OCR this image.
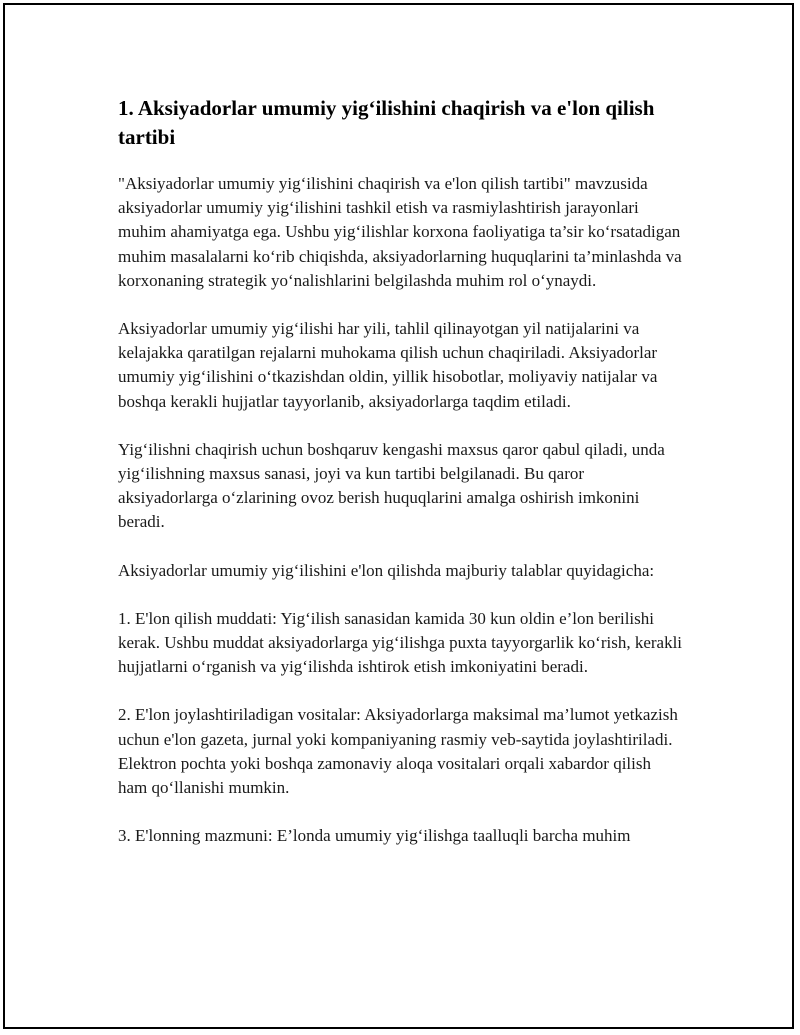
1. Aksiyadorlar umumiy yig‘ilishini chaqirish va e'lon qilish tartibi

"Aksiyadorlar umumiy yig‘ilishini chaqirish va e'lon qilish tartibi" mavzusida aksiyadorlar umumiy yig‘ilishini tashkil etish va rasmiylashtirish jarayonlari muhim ahamiyatga ega. Ushbu yig‘ilishlar korxona faoliyatiga ta’sir ko‘rsatadigan muhim masalalarni ko‘rib chiqishda, aksiyadorlarning huquqlarini ta’minlashda va korxonaning strategik yo‘nalishlarini belgilashda muhim rol o‘ynaydi.

Aksiyadorlar umumiy yig‘ilishi har yili, tahlil qilinayotgan yil natijalarini va kelajakka qaratilgan rejalarni muhokama qilish uchun chaqiriladi. Aksiyadorlar umumiy yig‘ilishini o‘tkazishdan oldin, yillik hisobotlar, moliyaviy natijalar va boshqa kerakli hujjatlar tayyorlanib, aksiyadorlarga taqdim etiladi.

Yig‘ilishni chaqirish uchun boshqaruv kengashi maxsus qaror qabul qiladi, unda yig‘ilishning maxsus sanasi, joyi va kun tartibi belgilanadi. Bu qaror aksiyadorlarga o‘zlarining ovoz berish huquqlarini amalga oshirish imkonini beradi.

Aksiyadorlar umumiy yig‘ilishini e'lon qilishda majburiy talablar quyidagicha:

1. E'lon qilish muddati: Yig‘ilish sanasidan kamida 30 kun oldin e’lon berilishi kerak. Ushbu muddat aksiyadorlarga yig‘ilishga puxta tayyorgarlik ko‘rish, kerakli hujjatlarni o‘rganish va yig‘ilishda ishtirok etish imkoniyatini beradi.

2. E'lon joylashtiriladigan vositalar: Aksiyadorlarga maksimal ma’lumot yetkazish uchun e'lon gazeta, jurnal yoki kompaniyaning rasmiy veb-saytida joylashtiriladi. Elektron pochta yoki boshqa zamonaviy aloqa vositalari orqali xabardor qilish ham qo‘llanishi mumkin.

3. E'lonning mazmuni: E’londa umumiy yig‘ilishga taalluqli barcha muhim
